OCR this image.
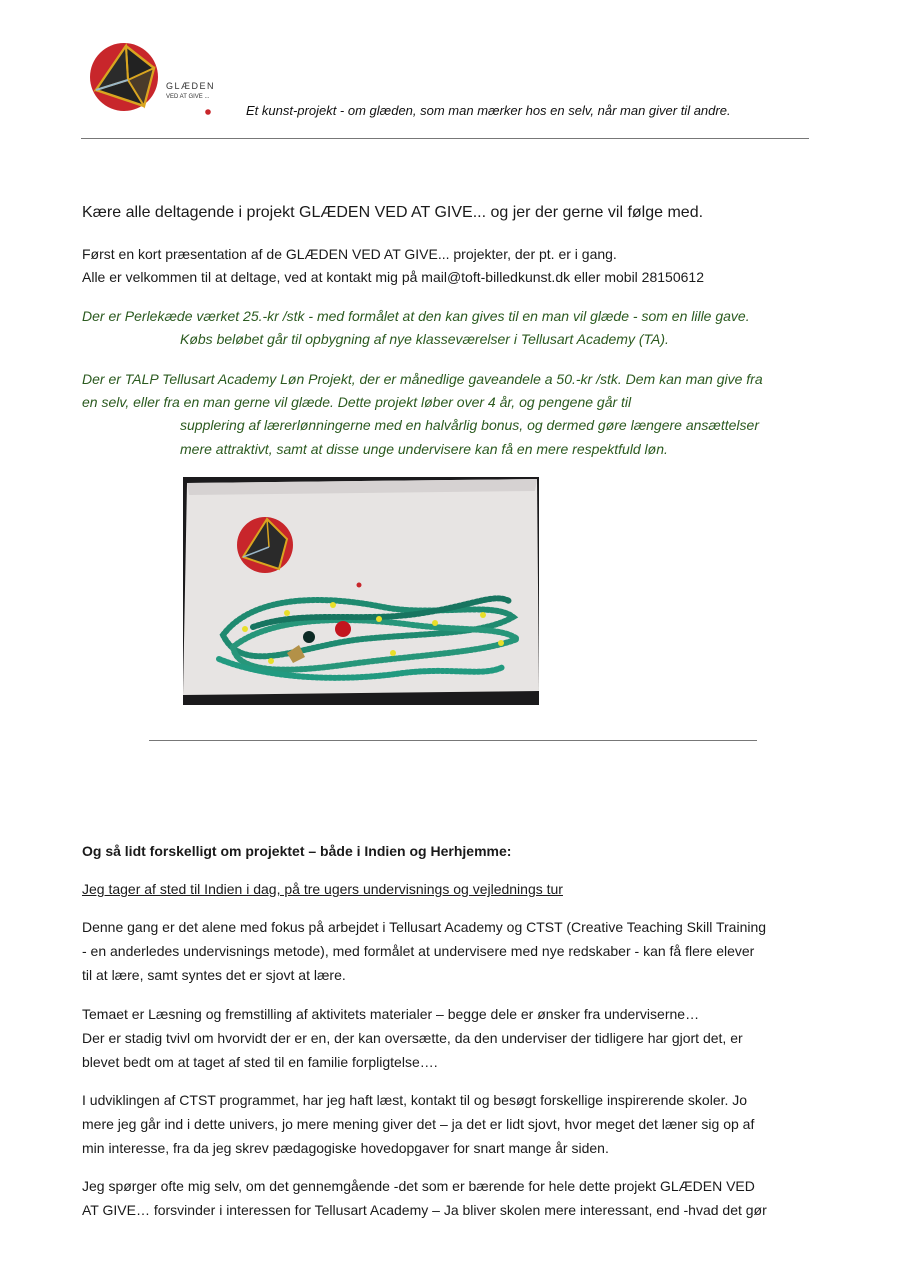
GLÆDEN
VED AT GIVE ...
Et kunst-projekt - om glæden, som man mærker hos en selv, når man giver til andre.
Kære alle deltagende i projekt GLÆDEN VED AT GIVE... og jer der gerne vil følge med.
Først en kort præsentation af de GLÆDEN VED AT GIVE... projekter, der pt. er i gang.
Alle er velkommen til at deltage, ved at kontakt mig på mail@toft-billedkunst.dk eller mobil 28150612
Der er Perlekæde værket 25.-kr /stk - med formålet at den kan gives til en man vil glæde - som en lille gave.
Købs beløbet går til opbygning af nye klasseværelser i Tellusart Academy (TA).
Der er TALP Tellusart Academy Løn Projekt, der er månedlige gaveandele a 50.-kr /stk. Dem kan man give fra
en selv, eller fra en man gerne vil glæde. Dette projekt løber over 4 år, og pengene går til
supplering af lærerlønningerne med en halvårlig bonus, og dermed gøre længere ansættelser
mere attraktivt, samt at disse unge undervisere kan få en mere respektfuld løn.
Og så lidt forskelligt om projektet – både i Indien og Herhjemme:
Jeg tager af sted til Indien i dag, på tre ugers undervisnings og vejlednings tur
Denne gang er det alene med fokus på arbejdet i Tellusart Academy og CTST (Creative Teaching Skill Training
- en anderledes undervisnings metode), med formålet at undervisere med nye redskaber - kan få flere elever
til at lære, samt syntes det er sjovt at lære.
Temaet er Læsning og fremstilling af aktivitets materialer – begge dele er ønsker fra underviserne…
Der er stadig tvivl om hvorvidt der er en, der kan oversætte, da den underviser der tidligere har gjort det, er
blevet bedt om at taget af sted til en familie forpligtelse….
I udviklingen af CTST programmet, har jeg haft læst, kontakt til og besøgt forskellige inspirerende skoler. Jo
mere jeg går ind i dette univers, jo mere mening giver det – ja det er lidt sjovt, hvor meget det læner sig op af
min interesse, fra da jeg skrev pædagogiske hovedopgaver for snart mange år siden.
Jeg spørger ofte mig selv, om det gennemgående -det som er bærende for hele dette projekt GLÆDEN VED
AT GIVE… forsvinder i interessen for Tellusart Academy – Ja bliver skolen mere interessant, end -hvad det gør
